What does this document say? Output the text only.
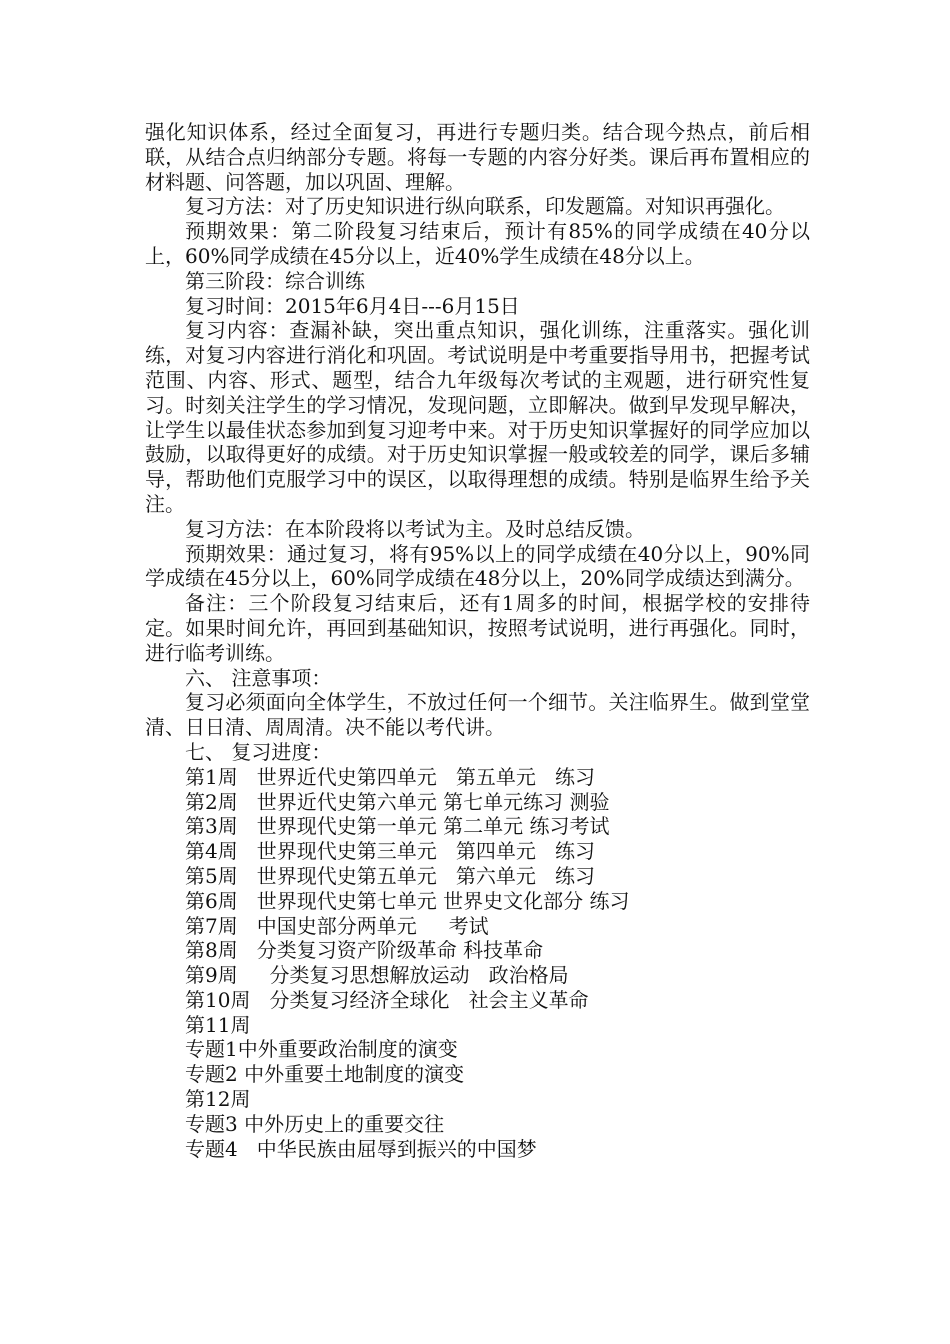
强化知识体系，经过全面复习，再进行专题归类。结合现今热点，前后相联，从结合点归纳部分专题。将每一专题的内容分好类。课后再布置相应的材料题、问答题，加以巩固、理解。

复习方法：对了历史知识进行纵向联系，印发题篇。对知识再强化。

预期效果：第二阶段复习结束后，预计有85%的同学成绩在40分以上，60%同学成绩在45分以上，近40%学生成绩在48分以上。

第三阶段：综合训练

复习时间：2015年6月4日---6月15日

复习内容：查漏补缺，突出重点知识，强化训练，注重落实。强化训练，对复习内容进行消化和巩固。考试说明是中考重要指导用书，把握考试范围、内容、形式、题型，结合九年级每次考试的主观题，进行研究性复习。时刻关注学生的学习情况，发现问题，立即解决。做到早发现早解决，让学生以最佳状态参加到复习迎考中来。对于历史知识掌握好的同学应加以鼓励，以取得更好的成绩。对于历史知识掌握一般或较差的同学，课后多辅导，帮助他们克服学习中的误区，以取得理想的成绩。特别是临界生给予关注。

复习方法：在本阶段将以考试为主。及时总结反馈。

预期效果：通过复习，将有95%以上的同学成绩在40分以上，90%同学成绩在45分以上，60%同学成绩在48分以上，20%同学成绩达到满分。

备注：三个阶段复习结束后，还有1周多的时间，根据学校的安排待定。如果时间允许，再回到基础知识，按照考试说明，进行再强化。同时，进行临考训练。

六、 注意事项：

复习必须面向全体学生，不放过任何一个细节。关注临界生。做到堂堂清、日日清、周周清。决不能以考代讲。

七、 复习进度：

第1周   世界近代史第四单元   第五单元   练习

第2周   世界近代史第六单元 第七单元练习 测验

第3周   世界现代史第一单元 第二单元 练习考试

第4周   世界现代史第三单元   第四单元   练习

第5周   世界现代史第五单元   第六单元   练习

第6周   世界现代史第七单元 世界史文化部分 练习

第7周   中国史部分两单元     考试

第8周   分类复习资产阶级革命 科技革命

第9周     分类复习思想解放运动   政治格局

第10周   分类复习经济全球化   社会主义革命

第11周

专题1中外重要政治制度的演变

专题2 中外重要土地制度的演变

第12周

专题3 中外历史上的重要交往

专题4   中华民族由屈辱到振兴的中国梦
